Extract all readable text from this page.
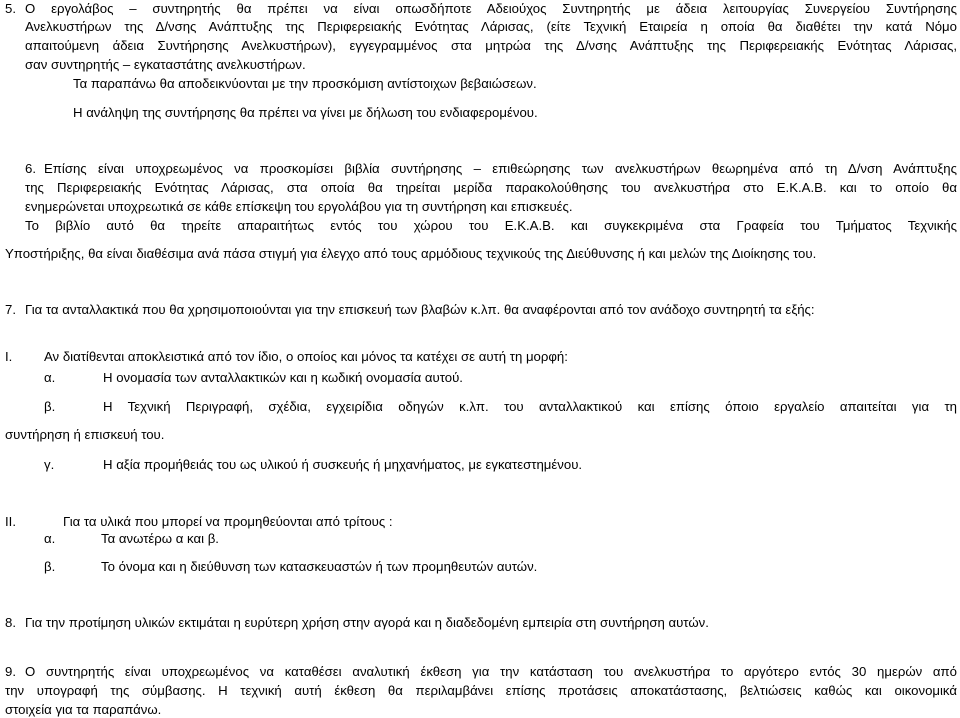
5. Ο εργολάβος – συντηρητής θα πρέπει να είναι οπωσδήποτε Αδειούχος Συντηρητής με άδεια λειτουργίας Συνεργείου Συντήρησης
Ανελκυστήρων της Δ/νσης Ανάπτυξης της Περιφερειακής Ενότητας Λάρισας, (είτε Τεχνική Εταιρεία η οποία θα διαθέτει την κατά Νόμο
απαιτούμενη άδεια Συντήρησης Ανελκυστήρων), εγγεγραμμένος στα μητρώα της Δ/νσης Ανάπτυξης της Περιφερειακής Ενότητας Λάρισας,
σαν συντηρητής – εγκαταστάτης ανελκυστήρων.
Τα παραπάνω θα αποδεικνύονται με την προσκόμιση αντίστοιχων βεβαιώσεων.
Η ανάληψη της συντήρησης θα πρέπει να γίνει με δήλωση του ενδιαφερομένου.
6. Επίσης είναι υποχρεωμένος να προσκομίσει βιβλία συντήρησης – επιθεώρησης των ανελκυστήρων θεωρημένα από τη Δ/νση Ανάπτυξης
της Περιφερειακής Ενότητας Λάρισας, στα οποία θα τηρείται μερίδα παρακολούθησης του ανελκυστήρα στο Ε.Κ.Α.Β. και το οποίο θα
ενημερώνεται υποχρεωτικά σε κάθε επίσκεψη του εργολάβου για τη συντήρηση και επισκευές.
Το βιβλίο αυτό θα τηρείτε απαραιτήτως εντός του χώρου του Ε.Κ.Α.Β. και συγκεκριμένα στα Γραφεία του Τμήματος Τεχνικής
Υποστήριξης, θα είναι διαθέσιμα ανά πάσα στιγμή για έλεγχο από τους αρμόδιους τεχνικούς της Διεύθυνσης ή και μελών της Διοίκησης του.
7. Για τα ανταλλακτικά που θα χρησιμοποιούνται για την επισκευή των βλαβών κ.λπ. θα αναφέρονται από τον ανάδοχο συντηρητή τα εξής:
I. Αν διατίθενται αποκλειστικά από τον ίδιο, ο οποίος και μόνος τα κατέχει σε αυτή τη μορφή:
α.	Η ονομασία των ανταλλακτικών και η κωδική ονομασία αυτού.
β.	Η Τεχνική Περιγραφή, σχέδια, εγχειρίδια οδηγών κ.λπ. του ανταλλακτικού και επίσης όποιο εργαλείο απαιτείται για τη
συντήρηση ή επισκευή του.
γ.	Η αξία προμήθειάς του ως υλικού ή συσκευής ή μηχανήματος, με εγκατεστημένου.
II.	Για τα υλικά που μπορεί να προμηθεύονται από τρίτους :
α.	Τα ανωτέρω α και β.
β.	Το όνομα και η διεύθυνση των κατασκευαστών ή των προμηθευτών αυτών.
8. Για την προτίμηση υλικών εκτιμάται η ευρύτερη χρήση στην αγορά και η διαδεδομένη εμπειρία στη συντήρηση αυτών.
9. Ο συντηρητής είναι υποχρεωμένος να καταθέσει αναλυτική έκθεση για την κατάσταση του ανελκυστήρα το αργότερο εντός 30 ημερών από
την υπογραφή της σύμβασης. Η τεχνική αυτή έκθεση θα περιλαμβάνει επίσης προτάσεις αποκατάστασης, βελτιώσεις καθώς και οικονομικά
στοιχεία για τα παραπάνω.
